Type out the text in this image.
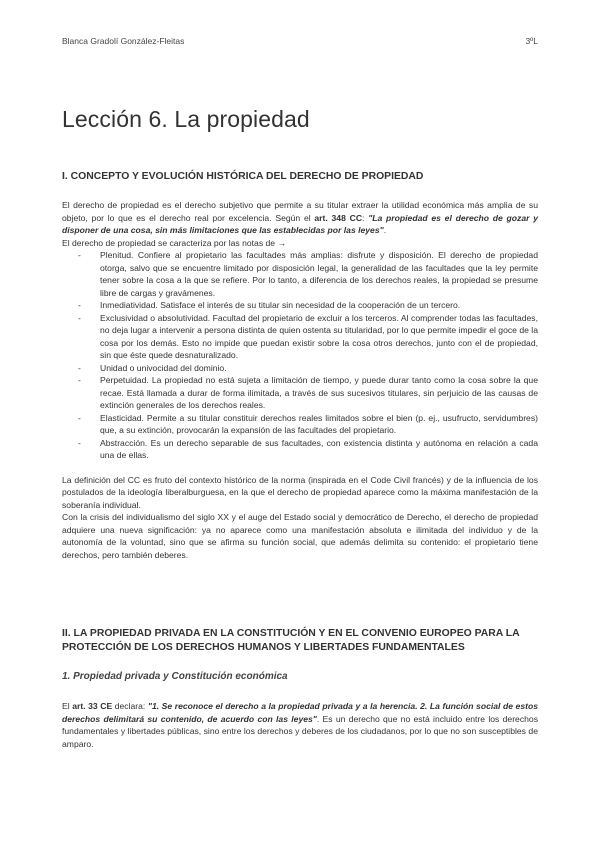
Blanca Gradolí González-Fleitas	3ºL
Lección 6. La propiedad
I. CONCEPTO Y EVOLUCIÓN HISTÓRICA DEL DERECHO DE PROPIEDAD

El derecho de propiedad es el derecho subjetivo que permite a su titular extraer la utilidad económica más amplia de su objeto, por lo que es el derecho real por excelencia. Según el art. 348 CC: "La propiedad es el derecho de gozar y disponer de una cosa, sin más limitaciones que las establecidas por las leyes".

El derecho de propiedad se caracteriza por las notas de →

- Plenitud. Confiere al propietario las facultades más amplias: disfrute y disposición. El derecho de propiedad otorga, salvo que se encuentre limitado por disposición legal, la generalidad de las facultades que la ley permite tener sobre la cosa a la que se refiere. Por lo tanto, a diferencia de los derechos reales, la propiedad se presume libre de cargas y gravámenes.
- Inmediatividad. Satisface el interés de su titular sin necesidad de la cooperación de un tercero.
- Exclusividad o absolutividad. Facultad del propietario de excluir a los terceros. Al comprender todas las facultades, no deja lugar a intervenir a persona distinta de quien ostenta su titularidad, por lo que permite impedir el goce de la cosa por los demás. Esto no impide que puedan existir sobre la cosa otros derechos, junto con el de propiedad, sin que éste quede desnaturalizado.
- Unidad o univocidad del dominio.
- Perpetuidad. La propiedad no está sujeta a limitación de tiempo, y puede durar tanto como la cosa sobre la que recae. Está llamada a durar de forma ilimitada, a través de sus sucesivos titulares, sin perjuicio de las causas de extinción generales de los derechos reales.
- Elasticidad. Permite a su titular constituir derechos reales limitados sobre el bien (p. ej., usufructo, servidumbres) que, a su extinción, provocarán la expansión de las facultades del propietario.
- Abstracción. Es un derecho separable de sus facultades, con existencia distinta y autónoma en relación a cada una de ellas.

La definición del CC es fruto del contexto histórico de la norma (inspirada en el Code Civil francés) y de la influencia de los postulados de la ideología liberalburguesa, en la que el derecho de propiedad aparece como la máxima manifestación de la soberanía individual.

Con la crisis del individualismo del siglo XX y el auge del Estado social y democrático de Derecho, el derecho de propiedad adquiere una nueva significación: ya no aparece como una manifestación absoluta e ilimitada del individuo y de la autonomía de la voluntad, sino que se afirma su función social, que además delimita su contenido: el propietario tiene derechos, pero también deberes.

II. LA PROPIEDAD PRIVADA EN LA CONSTITUCIÓN Y EN EL CONVENIO EUROPEO PARA LA PROTECCIÓN DE LOS DERECHOS HUMANOS Y LIBERTADES FUNDAMENTALES
1. Propiedad privada y Constitución económica

El art. 33 CE declara: "1. Se reconoce el derecho a la propiedad privada y a la herencia. 2. La función social de estos derechos delimitará su contenido, de acuerdo con las leyes". Es un derecho que no está incluido entre los derechos fundamentales y libertades públicas, sino entre los derechos y deberes de los ciudadanos, por lo que no son susceptibles de amparo.
